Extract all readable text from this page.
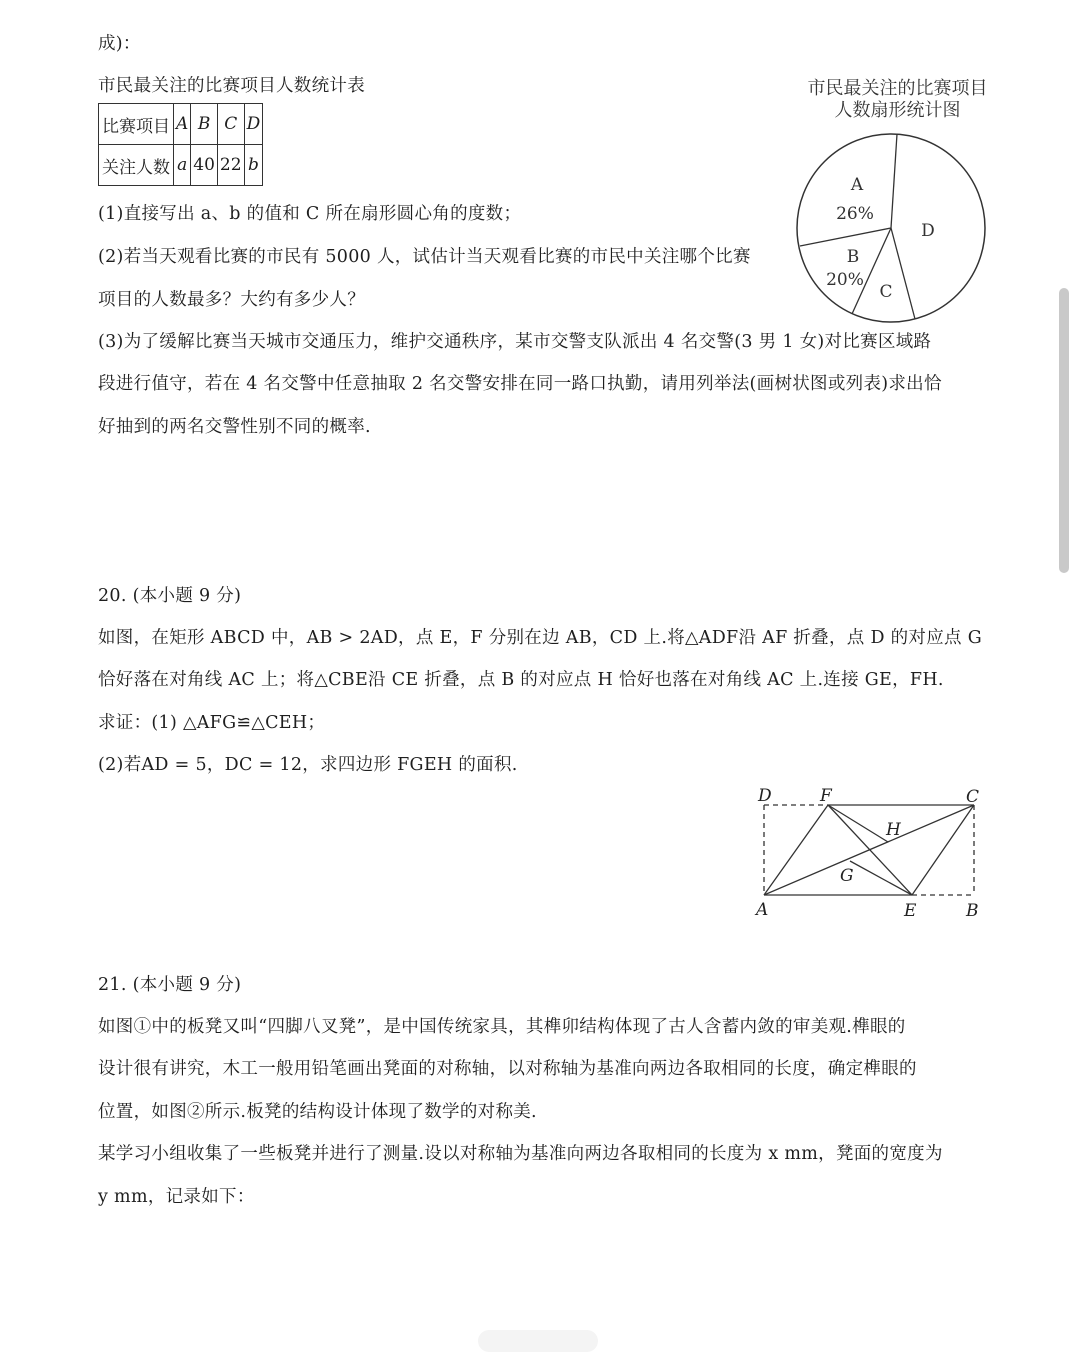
成)：
市民最关注的比赛项目人数统计表
比赛项目	A	B	C	D
关注人数	a	40	22	b
市民最关注的比赛项目
人数扇形统计图
A
26%
B
20%
C
D
(1)直接写出 a、b 的值和 C 所在扇形圆心角的度数；
(2)若当天观看比赛的市民有 5000 人，试估计当天观看比赛的市民中关注哪个比赛
项目的人数最多？大约有多少人？
(3)为了缓解比赛当天城市交通压力，维护交通秩序，某市交警支队派出 4 名交警(3 男 1 女)对比赛区域路
段进行值守，若在 4 名交警中任意抽取 2 名交警安排在同一路口执勤，请用列举法(画树状图或列表)求出恰
好抽到的两名交警性别不同的概率.
20. (本小题 9 分)
如图，在矩形 ABCD 中，AB > 2AD，点 E，F 分别在边 AB，CD 上.将△ADF沿 AF 折叠，点 D 的对应点 G
恰好落在对角线 AC 上；将△CBE沿 CE 折叠，点 B 的对应点 H 恰好也落在对角线 AC 上.连接 GE，FH.
求证：(1) △AFG≌△CEH；
(2)若AD = 5，DC = 12，求四边形 FGEH 的面积.
D	F	C
H
G
A	E	B
21. (本小题 9 分)
如图①中的板凳又叫“四脚八叉凳”，是中国传统家具，其榫卯结构体现了古人含蓄内敛的审美观.榫眼的
设计很有讲究，木工一般用铅笔画出凳面的对称轴，以对称轴为基准向两边各取相同的长度，确定榫眼的
位置，如图②所示.板凳的结构设计体现了数学的对称美.
某学习小组收集了一些板凳并进行了测量.设以对称轴为基准向两边各取相同的长度为 x mm，凳面的宽度为
y mm，记录如下：
